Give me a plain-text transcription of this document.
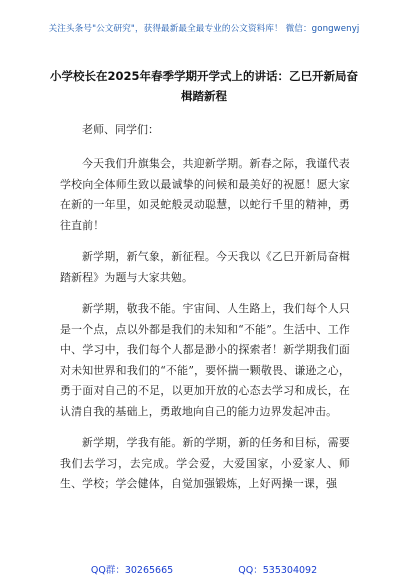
关注头条号"公文研究"，获得最新最全最专业的公文资料库！ 微信：gongwenyj
小学校长在2025年春季学期开学式上的讲话：乙巳开新局奋楫踏新程

老师、同学们：

今天我们升旗集会，共迎新学期。新春之际，我谨代表学校向全体师生致以最诚挚的问候和最美好的祝愿！愿大家在新的一年里，如灵蛇般灵动聪慧，以蛇行千里的精神，勇往直前！

新学期，新气象，新征程。今天我以《乙巳开新局奋楫踏新程》为题与大家共勉。

新学期，敬我不能。宇宙间、人生路上，我们每个人只是一个点，点以外都是我们的未知和“不能”。生活中、工作中、学习中，我们每个人都是渺小的探索者！新学期我们面对未知世界和我们的“不能”，要怀揣一颗敬畏、谦逊之心，勇于面对自己的不足，以更加开放的心态去学习和成长，在认清自我的基础上，勇敢地向自己的能力边界发起冲击。

新学期，学我有能。新的学期，新的任务和目标，需要我们去学习，去完成。学会爱，大爱国家，小爱家人、师生、学校；学会健体，自觉加强锻炼，上好两操一课，强

QQ群：30265665	QQ：535304092
